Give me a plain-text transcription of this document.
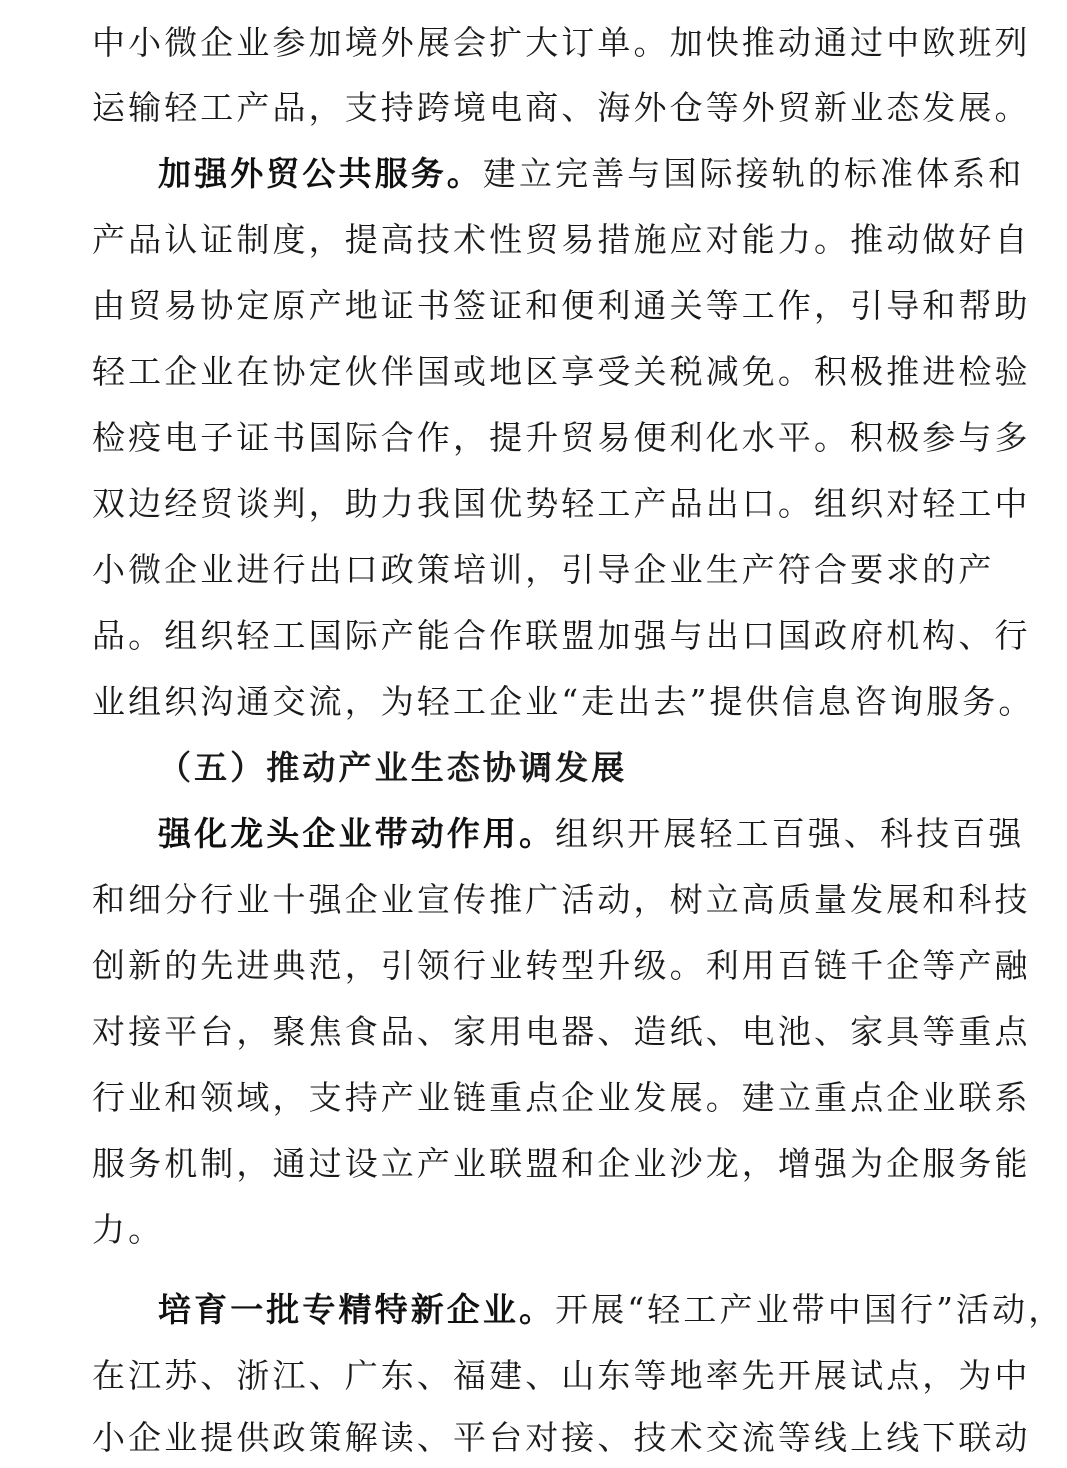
中小微企业参加境外展会扩大订单。加快推动通过中欧班列
运输轻工产品，支持跨境电商、海外仓等外贸新业态发展。
加强外贸公共服务。建立完善与国际接轨的标准体系和
产品认证制度，提高技术性贸易措施应对能力。推动做好自
由贸易协定原产地证书签证和便利通关等工作，引导和帮助
轻工企业在协定伙伴国或地区享受关税减免。积极推进检验
检疫电子证书国际合作，提升贸易便利化水平。积极参与多
双边经贸谈判，助力我国优势轻工产品出口。组织对轻工中
小微企业进行出口政策培训，引导企业生产符合要求的产
品。组织轻工国际产能合作联盟加强与出口国政府机构、行
业组织沟通交流，为轻工企业“走出去”提供信息咨询服务。
（五）推动产业生态协调发展
强化龙头企业带动作用。组织开展轻工百强、科技百强
和细分行业十强企业宣传推广活动，树立高质量发展和科技
创新的先进典范，引领行业转型升级。利用百链千企等产融
对接平台，聚焦食品、家用电器、造纸、电池、家具等重点
行业和领域，支持产业链重点企业发展。建立重点企业联系
服务机制，通过设立产业联盟和企业沙龙，增强为企服务能
力。
培育一批专精特新企业。开展“轻工产业带中国行”活动，
在江苏、浙江、广东、福建、山东等地率先开展试点，为中
小企业提供政策解读、平台对接、技术交流等线上线下联动
